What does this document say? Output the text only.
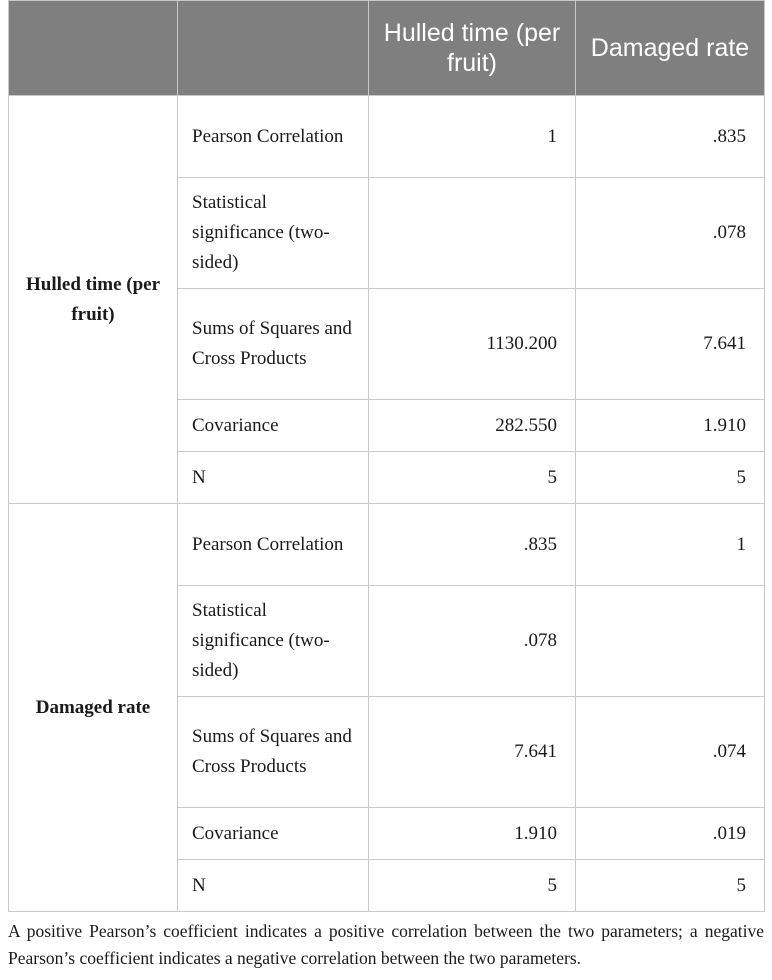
		Hulled time (per fruit)	Damaged rate
Hulled time (per fruit)	Pearson Correlation	1	.835
	Statistical significance (two-sided)		.078
	Sums of Squares and Cross Products	1130.200	7.641
	Covariance	282.550	1.910
	N	5	5
Damaged rate	Pearson Correlation	.835	1
	Statistical significance (two-sided)	.078	
	Sums of Squares and Cross Products	7.641	.074
	Covariance	1.910	.019
	N	5	5
A positive Pearson’s coefficient indicates a positive correlation between the two parameters; a negative Pearson’s coefficient indicates a negative correlation between the two parameters.
